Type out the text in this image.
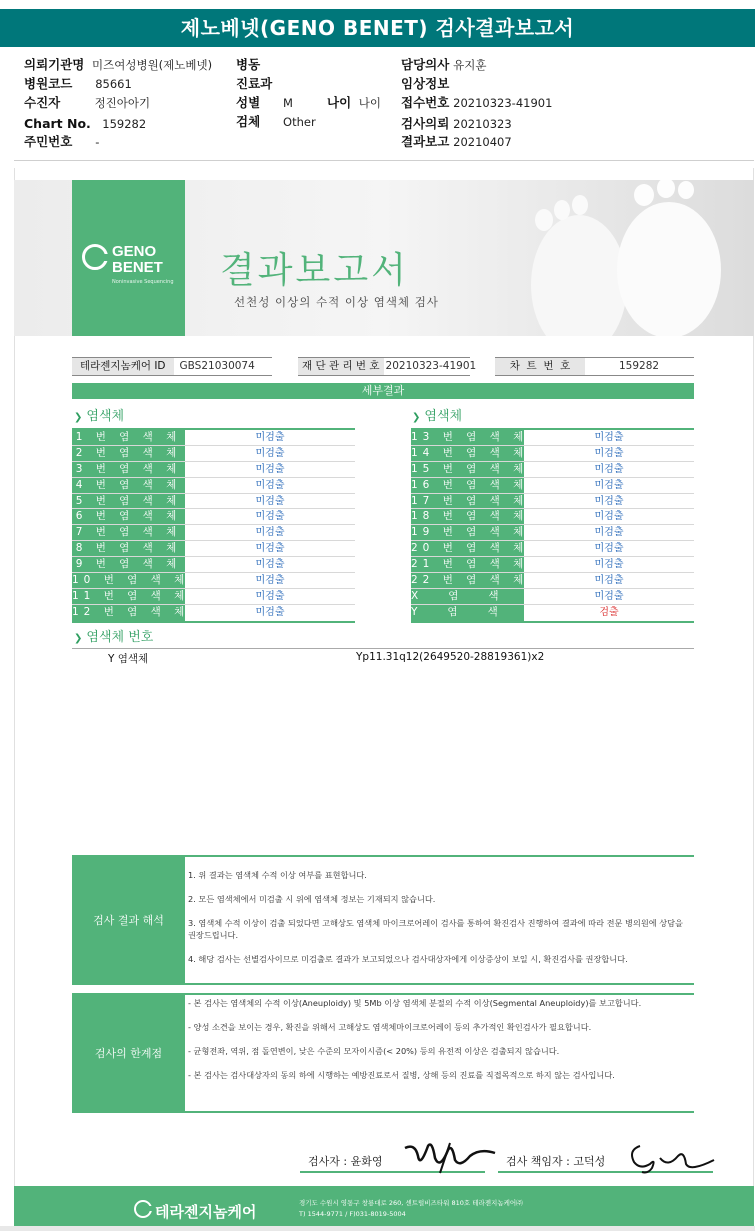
제노베넷(GENO BENET) 검사결과보고서
의뢰기관명 미즈여성병원(제노베넷)
병원코드 85661
수진자	정진아아기
Chart No. 159282
주민번호 -
병동
진료과
성별 M	나이 나이
검체 Other
담당의사 유지훈
임상정보
접수번호 20210323-41901
검사의뢰 20210323
결과보고 20210407
GENO
BENET
Noninvasive Sequencing 결과보고서
선천성 이상의 수적 이상 염색체 검사
테라젠지놈케어 ID GBS21030074	재 단 관 리 번 호 20210323-41901	차  트  번  호	159282
세부결과
❯ 염색체	❯ 염색체
1 번 염 색 체	미검출
2 번 염 색 체	미검출
3 번 염 색 체	미검출
4 번 염 색 체	미검출
5 번 염 색 체	미검출
6 번 염 색 체	미검출
7 번 염 색 체	미검출
8 번 염 색 체	미검출
9 번 염 색 체	미검출
10 번 염 색 체	미검출
11 번 염 색 체	미검출
12 번 염 색 체	미검출
13 번 염 색 체	미검출
14 번 염 색 체	미검출
15 번 염 색 체	미검출
16 번 염 색 체	미검출
17 번 염 색 체	미검출
18 번 염 색 체	미검출
19 번 염 색 체	미검출
20 번 염 색 체	미검출
21 번 염 색 체	미검출
22 번 염 색 체	미검출
X   염   색   체	미검출
Y   염   색   체	검출
❯ 염색체 번호
Y 염색체	Yp11.31q12(2649520-28819361)x2
검사 결과 해석

1. 위 결과는 염색체 수적 이상 여부를 표현합니다.

2. 모든 염색체에서 미검출 시 위에 염색체 정보는 기재되지 않습니다.

3. 염색체 수적 이상이 검출 되었다면 고해상도 염색체 마이크로어레이 검사를 통하여 확진검사 진행하여 결과에 따라 전문 병의원에 상담을 권장드립니다.

4. 해당 검사는 선별검사이므로 미검출로 결과가 보고되었으나 검사대상자에게 이상증상이 보일 시, 확진검사를 권장합니다.

검사의 한계점

- 본 검사는 염색체의 수적 이상(Aneuploidy) 및 5Mb 이상 염색체 분절의 수적 이상(Segmental Aneuploidy)를 보고합니다.

- 양성 소견을 보이는 경우, 확진을 위해서 고해상도 염색체마이크로어레이 등의 추가적인 확인검사가 필요합니다.

- 균형전좌, 역위, 점 돌연변이, 낮은 수준의 모자이시즘(< 20%) 등의 유전적 이상은 검출되지 않습니다.

- 본 검사는 검사대상자의 동의 하에 시행하는 예방진료로서 질병, 상해 등의 진료를 직접목적으로 하지 않는 검사입니다.

검사자 : 윤화영	검사 책임자 : 고덕성
테라젠지놈케어	경기도 수원시 영통구 창룡대로 260, 센트럴비즈타워 810호 테라젠지놈케어㈜
T) 1544-9771 / F)031-8019-5004
